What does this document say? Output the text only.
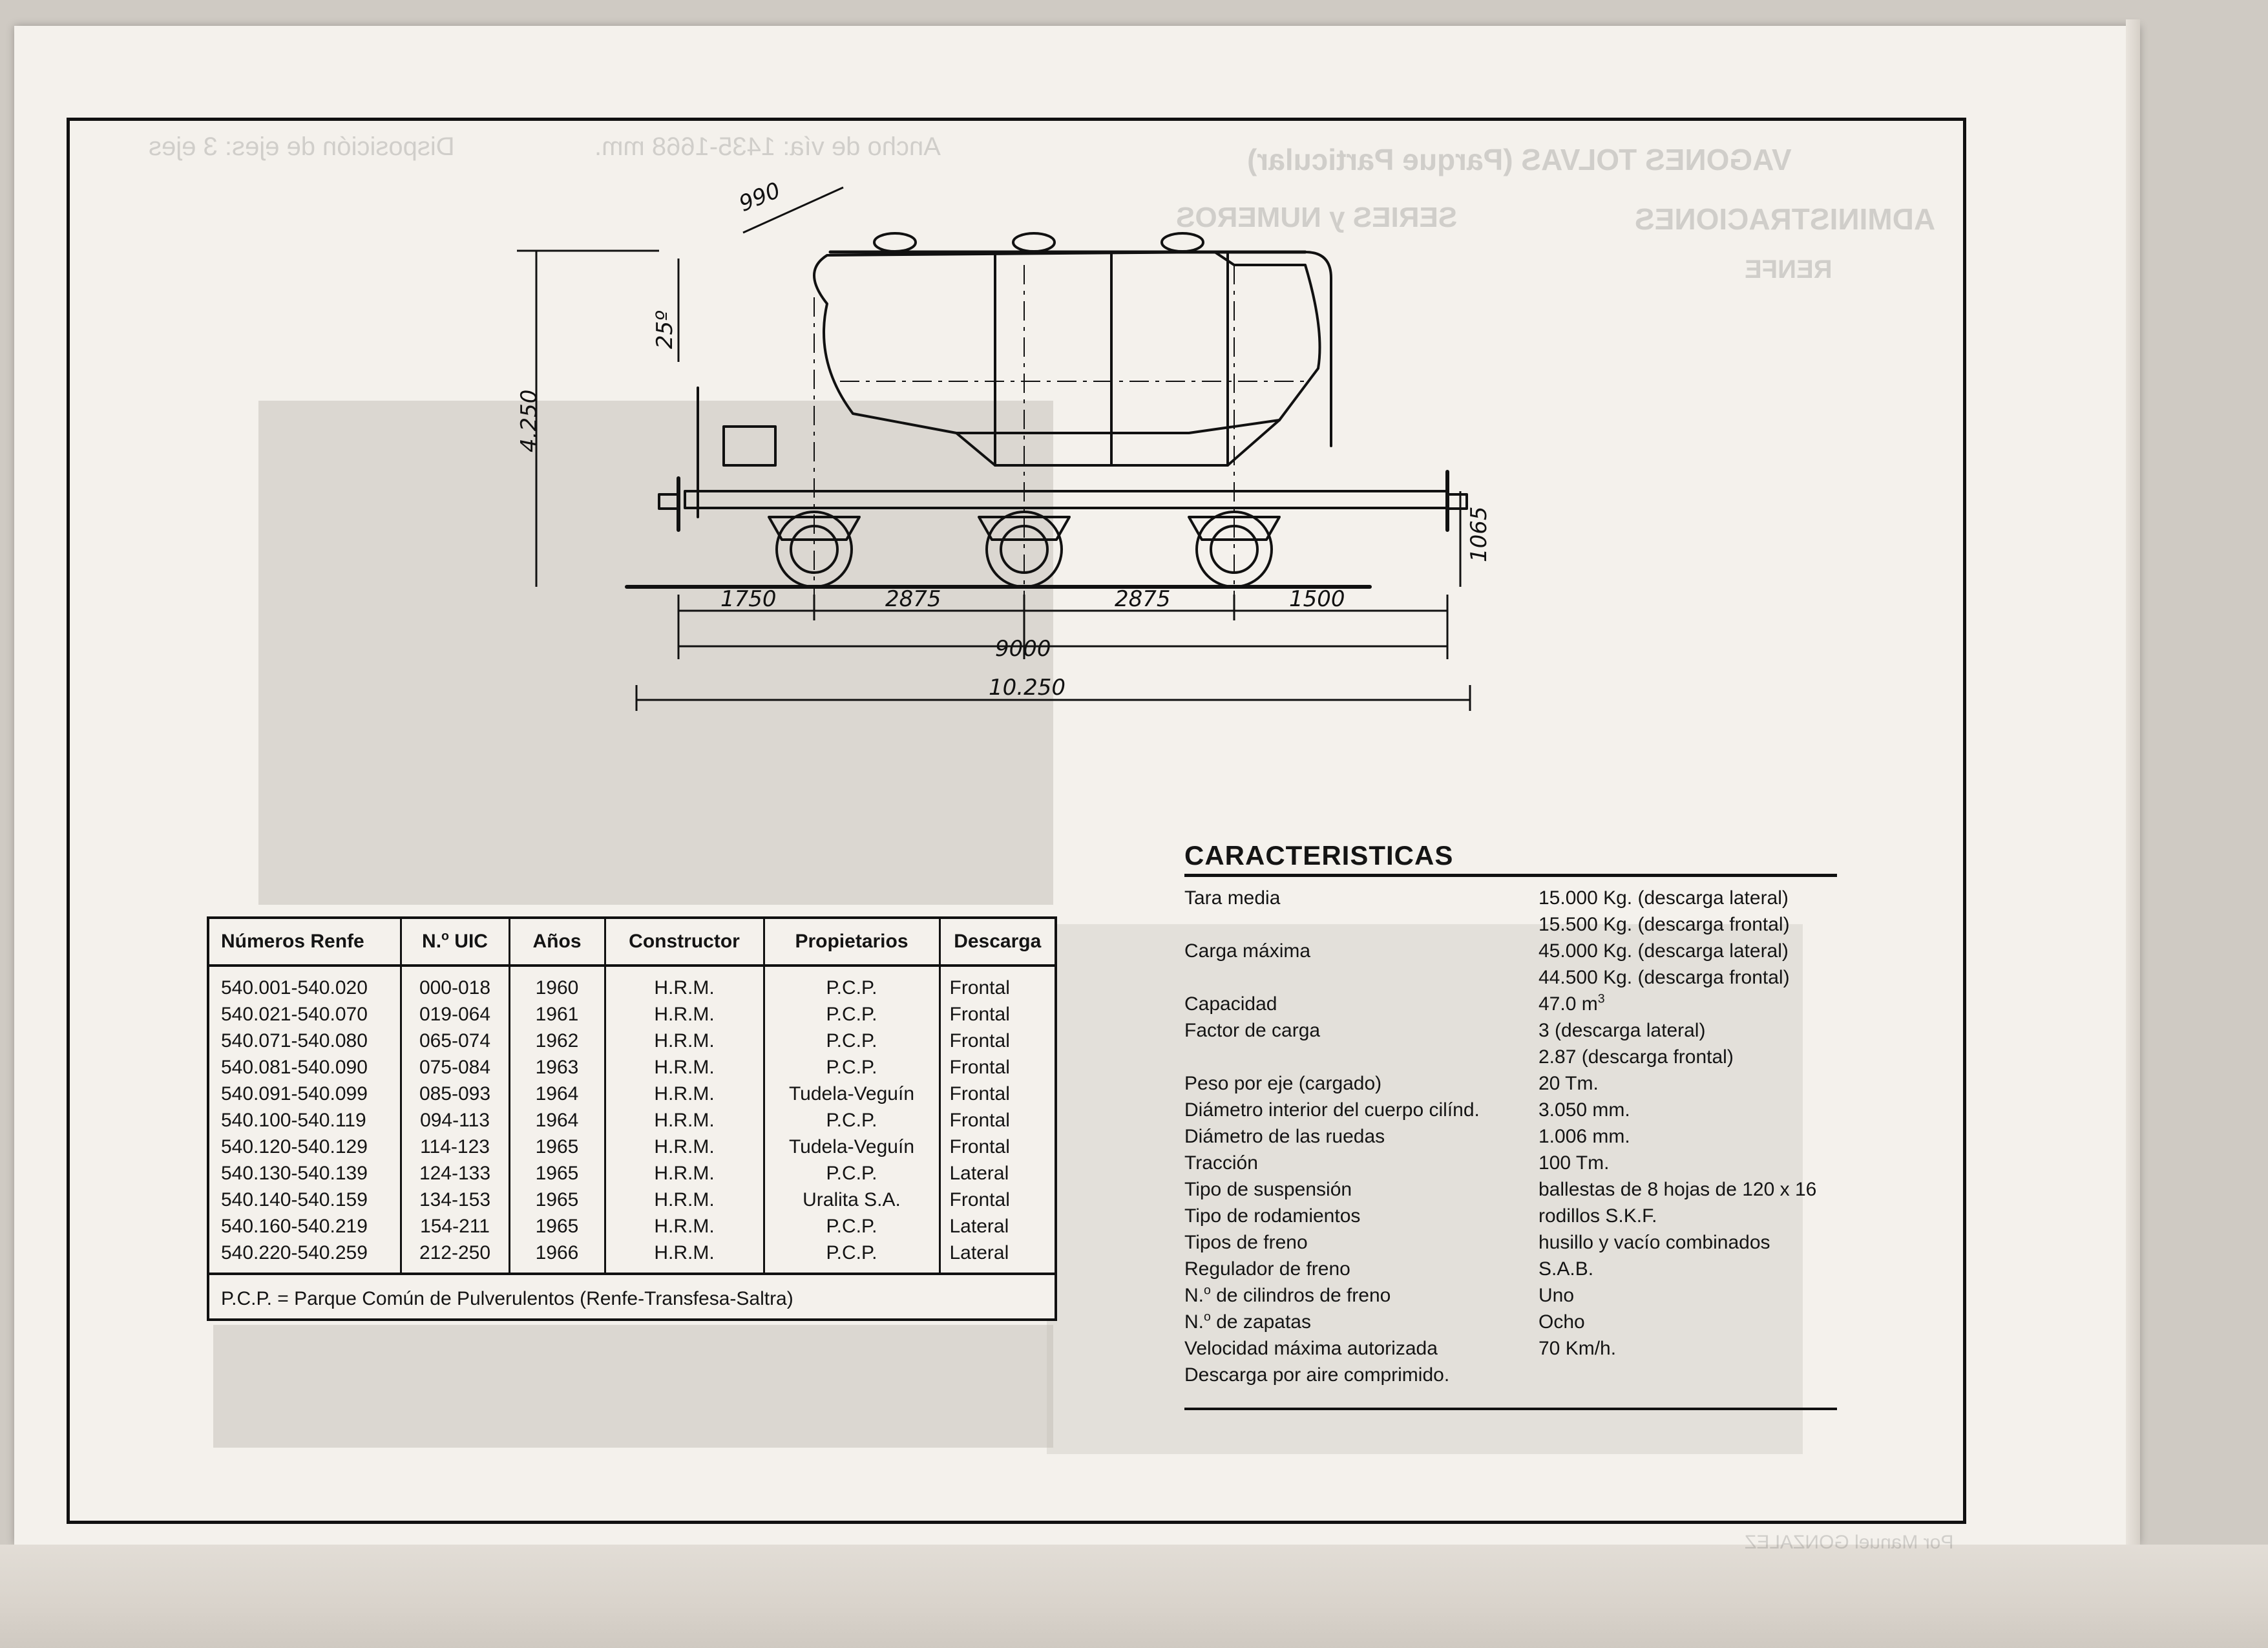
VAGONES TOLVAS (Parque Particular)
ADMINISTRACIONES
RENFE
SERIES y NUMEROS
Ancho de vía: 1435-1668 mm.
Disposición de ejes: 3 ejes
Por Manuel GONZALEZ
990
25º
4.250
1065
1750	2875	2875	1500
9000
10.250
Números Renfe	N.$^o$ UIC	Años	Constructor	Propietarios	Descarga
540.001-540.020	000-018	1960	H.R.M.	P.C.P.	Frontal
540.021-540.070	019-064	1961	H.R.M.	P.C.P.	Frontal
540.071-540.080	065-074	1962	H.R.M.	P.C.P.	Frontal
540.081-540.090	075-084	1963	H.R.M.	P.C.P.	Frontal
540.091-540.099	085-093	1964	H.R.M.	Tudela-Veguín	Frontal
540.100-540.119	094-113	1964	H.R.M.	P.C.P.	Frontal
540.120-540.129	114-123	1965	H.R.M.	Tudela-Veguín	Frontal
540.130-540.139	124-133	1965	H.R.M.	P.C.P.	Lateral
540.140-540.159	134-153	1965	H.R.M.	Uralita S.A.	Frontal
540.160-540.219	154-211	1965	H.R.M.	P.C.P.	Lateral
540.220-540.259	212-250	1966	H.R.M.	P.C.P.	Lateral
P.C.P. = Parque Común de Pulverulentos (Renfe-Transfesa-Saltra)
CARACTERISTICAS
Tara media	15.000 Kg. (descarga lateral)
15.500 Kg. (descarga frontal)
Carga máxima	45.000 Kg. (descarga lateral)
44.500 Kg. (descarga frontal)
Capacidad	47.0 $m^3$
Factor de carga	3 (descarga lateral)
2.87 (descarga frontal)
Peso por eje (cargado)	20 Tm.
Diámetro interior del cuerpo cilínd.	3.050 mm.
Diámetro de las ruedas	1.006 mm.
Tracción	100 Tm.
Tipo de suspensión	ballestas de 8 hojas de 120 x 16
Tipo de rodamientos	rodillos S.K.F.
Tipos de freno	husillo y vacío combinados
Regulador de freno	S.A.B.
N.$^o$ de cilindros de freno	Uno
N.$^o$ de zapatas	Ocho
Velocidad máxima autorizada	70 Km/h.
Descarga por aire comprimido.
